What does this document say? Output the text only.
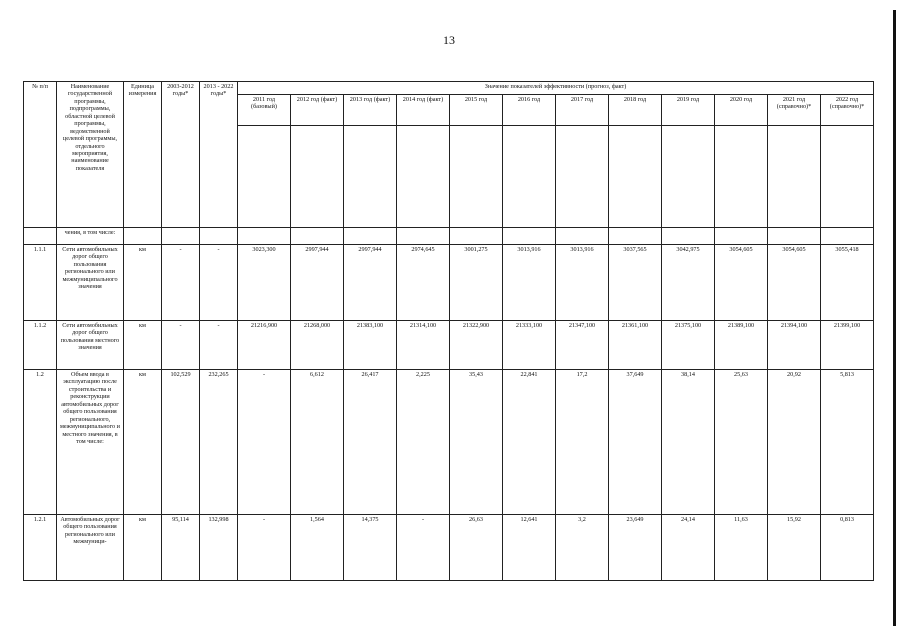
13
№ п/п	Наименование государственной программы, подпрограммы, областной целевой программы, ведомственной целевой программы, отдельного мероприятия, наименование показателя	Единица измерения	2003-2012 годы*	2013 - 2022 годы*	Значение показателей эффективности (прогноз, факт)											
					2011 год (базовый)	2012 год (факт)	2013 год (факт)	2014 год (факт)	2015 год	2016 год	2017 год	2018 год	2019 год	2020 год	2021 год (справочно)*	2022 год (справочно)*

	чения, в том числе:															
1.1.1	Сети автомобильных дорог общего пользования регионального или межмуниципального значения	км	-	-	3023,300	2997,944	2997,944	2974,645	3001,275	3013,916	3013,916	3037,565	3042,975	3054,605	3054,605	3055,418
1.1.2	Сети автомобильных дорог общего пользования местного значения	км	-	-	21216,900	21268,000	21383,100	21314,100	21322,900	21333,100	21347,100	21361,100	21375,100	21389,100	21394,100	21399,100
1.2	Объем ввода в эксплуатацию после строительства и реконструкции автомобильных дорог общего пользования регионального, межмуниципального и местного значения, в том числе:	км	102,529	232,265	-	6,612	26,417	2,225	35,43	22,841	17,2	37,649	38,14	25,63	20,92	5,813
1.2.1	Автомобильных дорог общего пользования регионального или межмуници-	км	95,114	132,998	-	1,564	14,375	-	26,63	12,641	3,2	23,649	24,14	11,63	15,92	0,813
